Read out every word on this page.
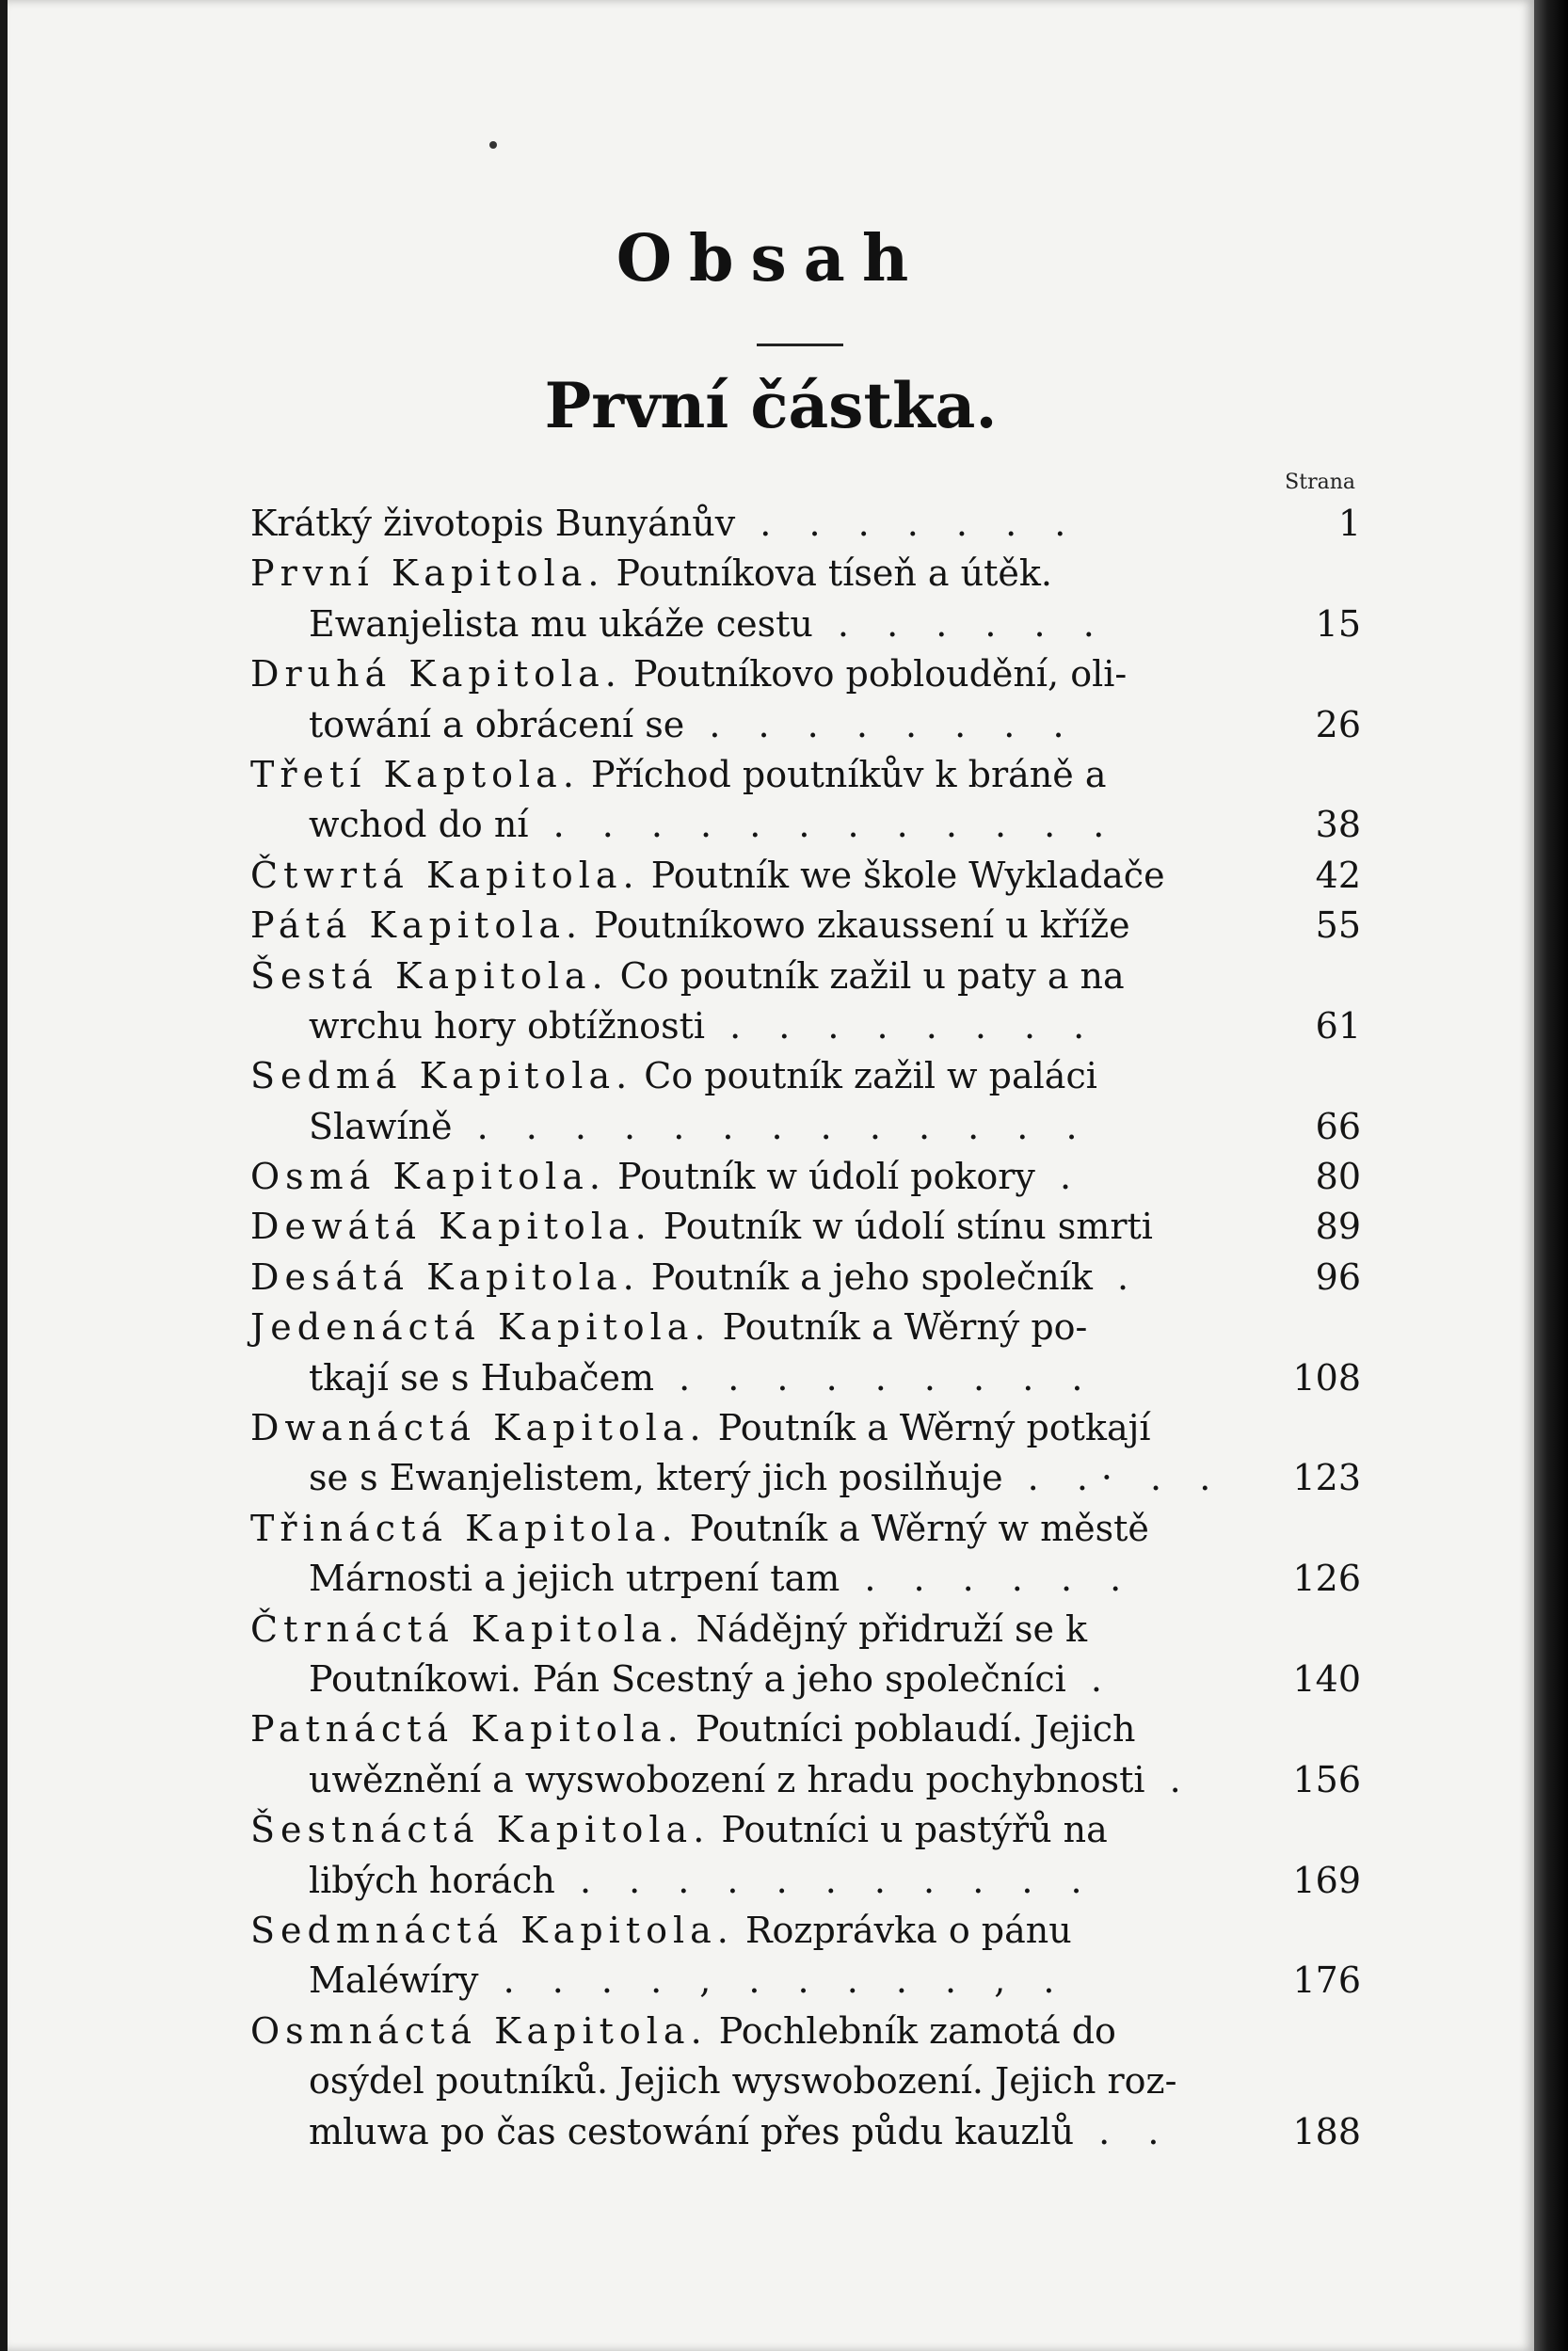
Obsah
První částka.
Strana
Krátký životopis Bunyánův . . . . . . .	1
První Kapitola. Poutníkova tíseň a útěk.
Ewanjelista mu ukáže cestu . . . . . .	15
Druhá Kapitola. Poutníkovo pobloudění, oli-
towání a obrácení se . . . . . . . .	26
Třetí Kaptola. Příchod poutníkův k bráně a
wchod do ní . . . . . . . . . . . .	38
Čtwrtá Kapitola. Poutník we škole Wykladače	42
Pátá Kapitola. Poutníkowo zkaussení u kříže	55
Šestá Kapitola. Co poutník zažil u paty a na
wrchu hory obtížnosti . . . . . . . .	61
Sedmá Kapitola. Co poutník zažil w paláci
Slawíně . . . . . . . . . . . . .	66
Osmá Kapitola. Poutník w údolí pokory .	80
Dewátá Kapitola. Poutník w údolí stínu smrti	89
Desátá Kapitola. Poutník a jeho společník .	96
Jedenáctá Kapitola. Poutník a Wěrný po-
tkají se s Hubačem . . . . . . . . .	108
Dwanáctá Kapitola. Poutník a Wěrný potkají
se s Ewanjelistem, který jich posilňuje . .· . . 123
Třináctá Kapitola. Poutník a Wěrný w městě
Márnosti a jejich utrpení tam . . . . . .	126
Čtrnáctá Kapitola. Nádějný přidruží se k
Poutníkowi. Pán Scestný a jeho společníci .	140
Patnáctá Kapitola. Poutníci poblaudí. Jejich
uwěznění a wyswobození z hradu pochybnosti .	156
Šestnáctá Kapitola. Poutníci u pastýřů na
libých horách . . . . . . . . . . .	169
Sedmnáctá Kapitola. Rozprávka o pánu
Maléwíry . . . . , . . . . . , .	176
Osmnáctá Kapitola. Pochlebník zamotá do
osýdel poutníků. Jejich wyswobození. Jejich roz-
mluwa po čas cestowání přes půdu kauzlů . .	188
